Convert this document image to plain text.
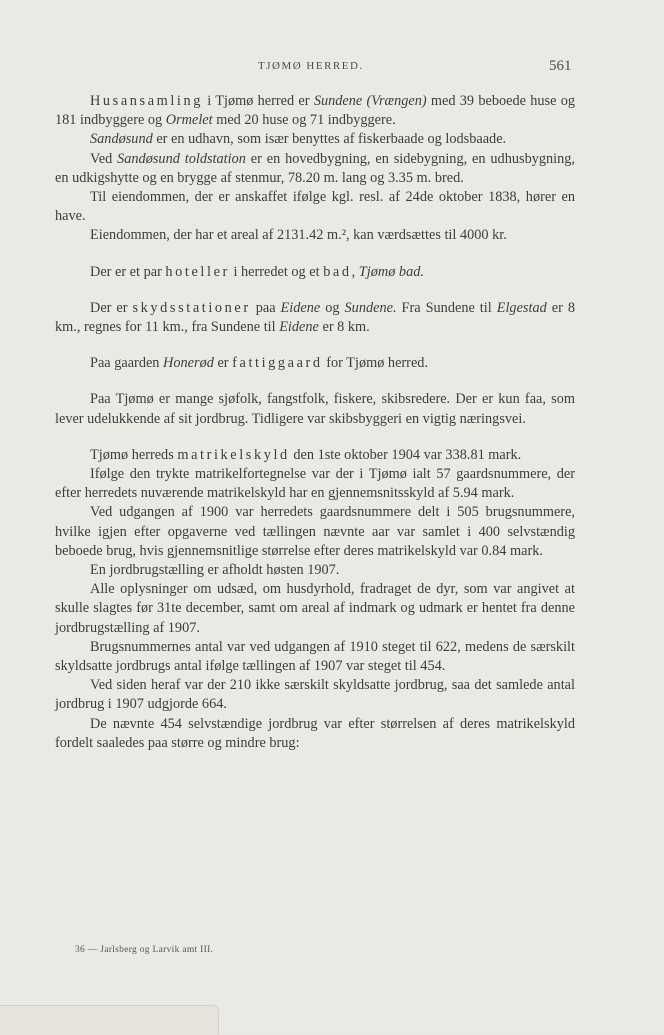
TJØMØ HERRED.	561

Husansamling i Tjømø herred er Sundene (Vrængen) med 39 beboede huse og 181 indbyggere og Ormelet med 20 huse og 71 indbyggere.

Sandøsund er en udhavn, som især benyttes af fiskerbaade og lodsbaade.

Ved Sandøsund toldstation er en hovedbygning, en sidebygning, en udhusbygning, en udkigshytte og en brygge af stenmur, 78.20 m. lang og 3.35 m. bred.

Til eiendommen, der er anskaffet ifølge kgl. resl. af 24de oktober 1838, hører en have.

Eiendommen, der har et areal af 2131.42 m.², kan værdsættes til 4000 kr.

Der er et par hoteller i herredet og et bad, Tjømø bad.

Der er skydsstationer paa Eidene og Sundene. Fra Sundene til Elgestad er 8 km., regnes for 11 km., fra Sundene til Eidene er 8 km.

Paa gaarden Honerød er fattiggaard for Tjømø herred.

Paa Tjømø er mange sjøfolk, fangstfolk, fiskere, skibsredere. Der er kun faa, som lever udelukkende af sit jordbrug. Tidligere var skibsbyggeri en vigtig næringsvei.

Tjømø herreds matrikelskyld den 1ste oktober 1904 var 338.81 mark.

Ifølge den trykte matrikelfortegnelse var der i Tjømø ialt 57 gaardsnummere, der efter herredets nuværende matrikelskyld har en gjennemsnitsskyld af 5.94 mark.

Ved udgangen af 1900 var herredets gaardsnummere delt i 505 brugsnummere, hvilke igjen efter opgaverne ved tællingen nævnte aar var samlet i 400 selvstændig beboede brug, hvis gjennemsnitlige størrelse efter deres matrikelskyld var 0.84 mark.

En jordbrugstælling er afholdt høsten 1907.

Alle oplysninger om udsæd, om husdyrhold, fradraget de dyr, som var angivet at skulle slagtes før 31te december, samt om areal af indmark og udmark er hentet fra denne jordbrugstælling af 1907.

Brugsnummernes antal var ved udgangen af 1910 steget til 622, medens de særskilt skyldsatte jordbrugs antal ifølge tællingen af 1907 var steget til 454.

Ved siden heraf var der 210 ikke særskilt skyldsatte jordbrug, saa det samlede antal jordbrug i 1907 udgjorde 664.

De nævnte 454 selvstændige jordbrug var efter størrelsen af deres matrikelskyld fordelt saaledes paa større og mindre brug:

36 — Jarlsberg og Larvik amt III.
